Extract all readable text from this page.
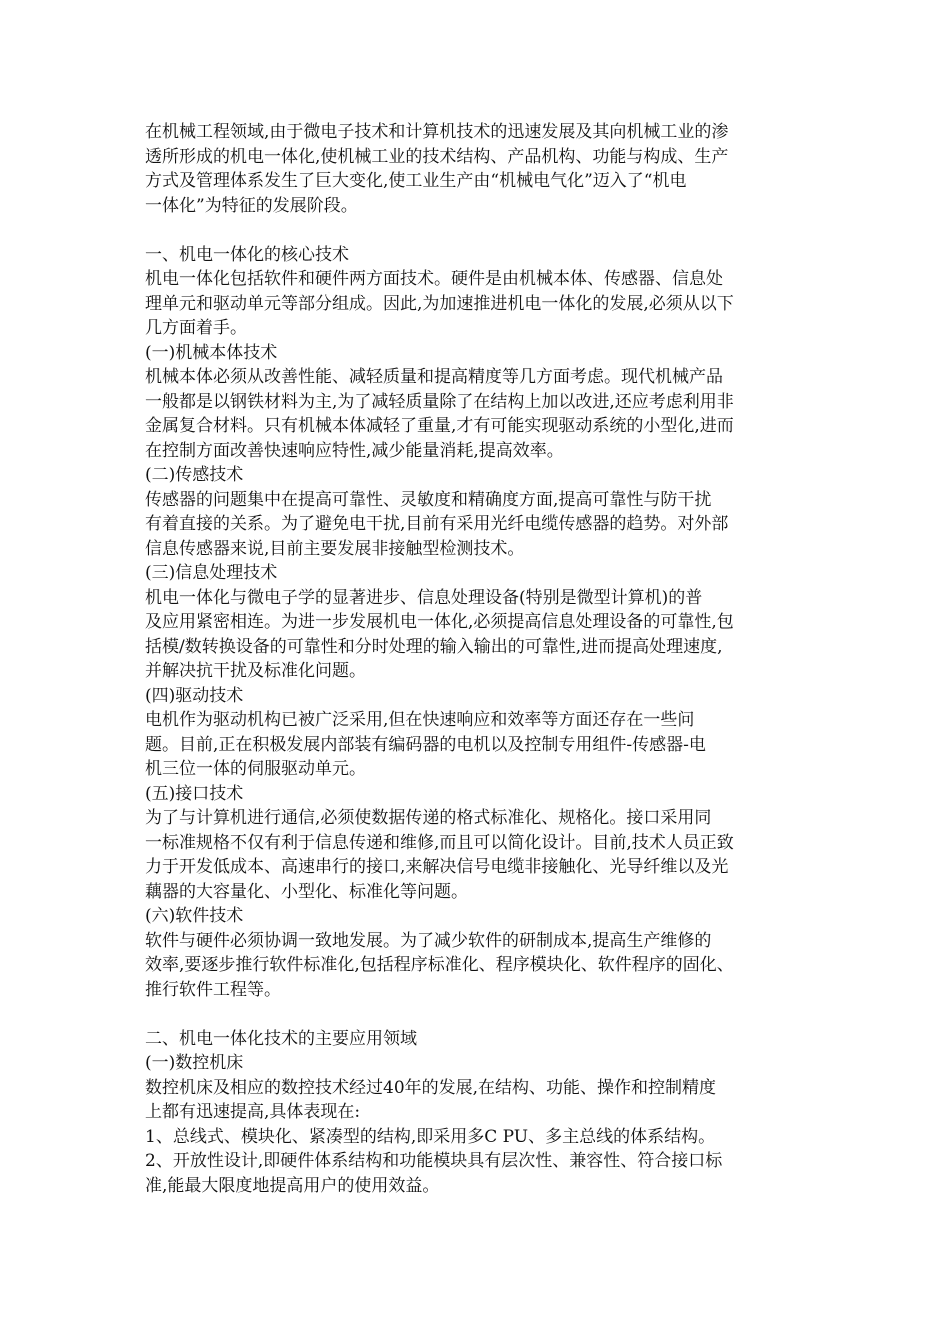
在机械工程领域,由于微电子技术和计算机技术的迅速发展及其向机械工业的渗
透所形成的机电一体化,使机械工业的技术结构、产品机构、功能与构成、生产
方式及管理体系发生了巨大变化,使工业生产由“机械电气化”迈入了“机电
一体化”为特征的发展阶段。
一、机电一体化的核心技术
机电一体化包括软件和硬件两方面技术。硬件是由机械本体、传感器、信息处
理单元和驱动单元等部分组成。因此,为加速推进机电一体化的发展,必须从以下
几方面着手。
(一)机械本体技术
机械本体必须从改善性能、减轻质量和提高精度等几方面考虑。现代机械产品
一般都是以钢铁材料为主,为了减轻质量除了在结构上加以改进,还应考虑利用非
金属复合材料。只有机械本体减轻了重量,才有可能实现驱动系统的小型化,进而
在控制方面改善快速响应特性,减少能量消耗,提高效率。
(二)传感技术
传感器的问题集中在提高可靠性、灵敏度和精确度方面,提高可靠性与防干扰
有着直接的关系。为了避免电干扰,目前有采用光纤电缆传感器的趋势。对外部
信息传感器来说,目前主要发展非接触型检测技术。
(三)信息处理技术
机电一体化与微电子学的显著进步、信息处理设备(特别是微型计算机)的普
及应用紧密相连。为进一步发展机电一体化,必须提高信息处理设备的可靠性,包
括模/数转换设备的可靠性和分时处理的输入输出的可靠性,进而提高处理速度,
并解决抗干扰及标准化问题。
(四)驱动技术
电机作为驱动机构已被广泛采用,但在快速响应和效率等方面还存在一些问
题。目前,正在积极发展内部装有编码器的电机以及控制专用组件-传感器-电
机三位一体的伺服驱动单元。
(五)接口技术
为了与计算机进行通信,必须使数据传递的格式标准化、规格化。接口采用同
一标准规格不仅有利于信息传递和维修,而且可以简化设计。目前,技术人员正致
力于开发低成本、高速串行的接口,来解决信号电缆非接触化、光导纤维以及光
藕器的大容量化、小型化、标准化等问题。
(六)软件技术
软件与硬件必须协调一致地发展。为了减少软件的研制成本,提高生产维修的
效率,要逐步推行软件标准化,包括程序标准化、程序模块化、软件程序的固化、
推行软件工程等。
二、机电一体化技术的主要应用领域
(一)数控机床
数控机床及相应的数控技术经过40年的发展,在结构、功能、操作和控制精度
上都有迅速提高,具体表现在:
1、总线式、模块化、紧凑型的结构,即采用多C PU、多主总线的体系结构。
2、开放性设计,即硬件体系结构和功能模块具有层次性、兼容性、符合接口标
准,能最大限度地提高用户的使用效益。
